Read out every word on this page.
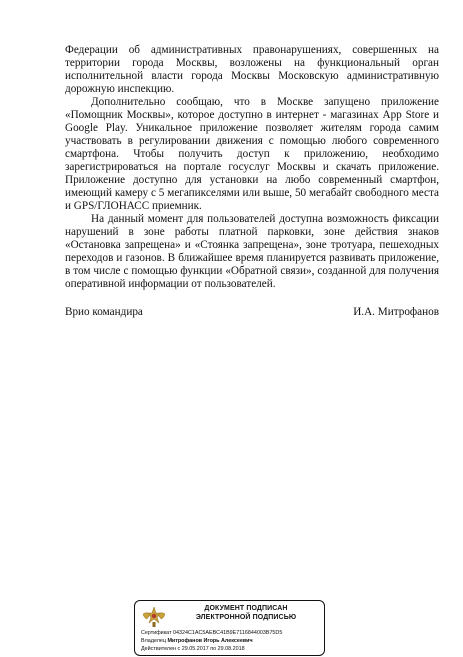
Федерации об административных правонарушениях, совершенных на территории города Москвы, возложены на функциональный орган исполнительной власти города Москвы Московскую административную дорожную инспекцию.

Дополнительно сообщаю, что в Москве запущено приложение «Помощник Москвы», которое доступно в интернет - магазинах App Store и Google Play. Уникальное приложение позволяет жителям города самим участвовать в регулировании движения с помощью любого современного смартфона. Чтобы получить доступ к приложению, необходимо зарегистрироваться на портале госуслуг Москвы и скачать приложение. Приложение доступно для установки на любо современный смартфон, имеющий камеру с 5 мегапикселями или выше, 50 мегабайт свободного места и GPS/ГЛОНАСС приемник.

На данный момент для пользователей доступна возможность фиксации нарушений в зоне работы платной парковки, зоне действия знаков «Остановка запрещена» и «Стоянка запрещена», зоне тротуара, пешеходных переходов и газонов. В ближайшее время планируется развивать приложение, в том числе с помощью функции «Обратной связи», созданной для получения оперативной информации от пользователей.

Врио командира	И.А. Митрофанов
ДОКУМЕНТ ПОДПИСАН
ЭЛЕКТРОННОЙ ПОДПИСЬЮ
Сертификат 04324C1AC5AEBC41B9E7116844003B75D5
Владелец Митрофанов Игорь Алексеевич
Действителен с 29.05.2017 по 29.08.2018
